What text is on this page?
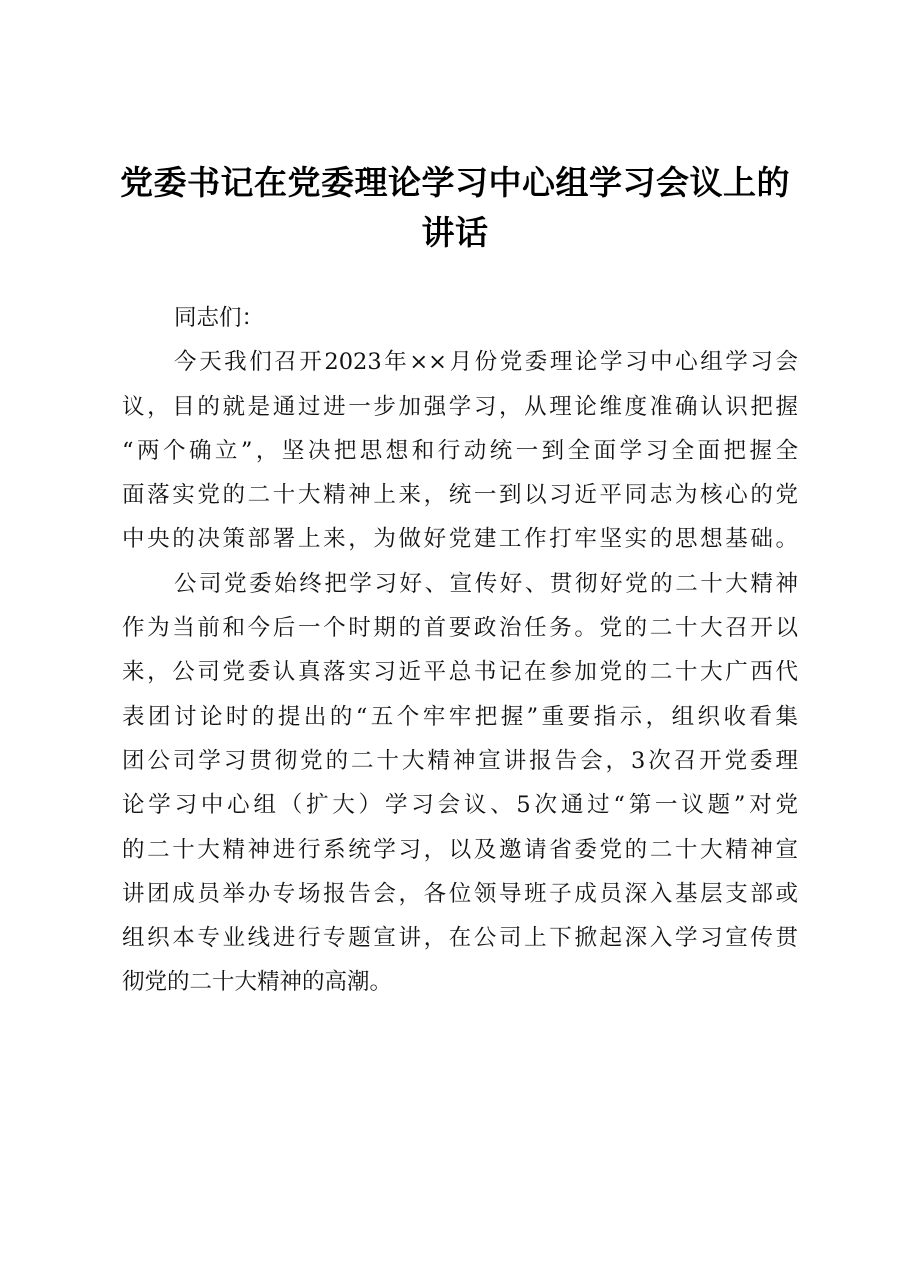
党委书记在党委理论学习中心组学习会议上的
讲话
同志们：
今天我们召开2023年××月份党委理论学习中心组学习会
议，目的就是通过进一步加强学习，从理论维度准确认识把握
“两个确立”，坚决把思想和行动统一到全面学习全面把握全
面落实党的二十大精神上来，统一到以习近平同志为核心的党
中央的决策部署上来，为做好党建工作打牢坚实的思想基础。
公司党委始终把学习好、宣传好、贯彻好党的二十大精神
作为当前和今后一个时期的首要政治任务。党的二十大召开以
来，公司党委认真落实习近平总书记在参加党的二十大广西代
表团讨论时的提出的“五个牢牢把握”重要指示，组织收看集
团公司学习贯彻党的二十大精神宣讲报告会，3次召开党委理
论学习中心组（扩大）学习会议、5次通过“第一议题”对党
的二十大精神进行系统学习，以及邀请省委党的二十大精神宣
讲团成员举办专场报告会，各位领导班子成员深入基层支部或
组织本专业线进行专题宣讲，在公司上下掀起深入学习宣传贯
彻党的二十大精神的高潮。
